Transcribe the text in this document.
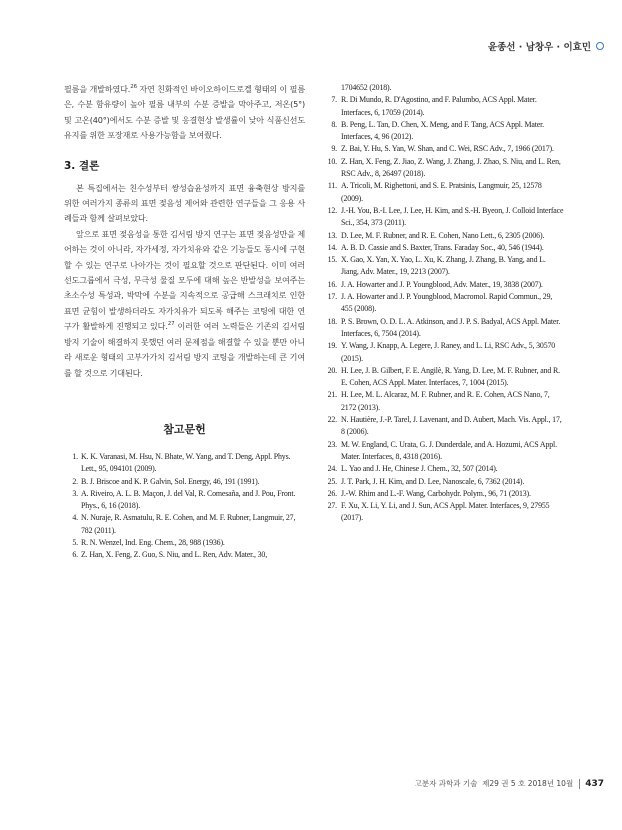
윤종선 · 남창우 · 이효민

필름을 개발하였다.$^{26}$ 자연 친화적인 바이오하이드로겔 형태의 이 필름은, 수분 함유량이 높아 필름 내부의 수분 증발을 막아주고, 저온(5°) 및 고온(40°)에서도 수분 증발 및 응결현상 발생률이 낮아 식품신선도 유지를 위한 포장재로 사용가능함을 보여줬다.

3. 결론

본 특집에서는 친수성부터 쌍성습윤성까지 표면 융축현상 방지를 위한 여러가지 종류의 표면 젖음성 제어와 관련한 연구들을 그 응용 사례들과 함께 살펴보았다.

앞으로 표면 젖음성을 통한 김서림 방지 연구는 표면 젖음성만을 제어하는 것이 아니라, 자가세정, 자가치유와 같은 기능들도 동시에 구현할 수 있는 연구로 나아가는 것이 필요할 것으로 판단된다. 이미 여러 선도그룹에서 극성, 무극성 물질 모두에 대해 높은 반발성을 보여주는 초소수성 특성과, 박막에 수분을 지속적으로 공급해 스크래치로 인한 표면 균힘이 발생하더라도 자가치유가 되도록 해주는 코팅에 대한 연구가 활발하게 진행되고 있다.$^{27}$ 이러한 여러 노력들은 기존의 김서림 방지 기술이 해결하지 못했던 여러 문제점을 해결할 수 있을 뿐만 아니라 새로운 형태의 고부가가치 김서림 방지 코팅을 개발하는데 큰 기여를 할 것으로 기대된다.

참고문헌
1. K. K. Varanasi, M. Hsu, N. Bhate, W. Yang, and T. Deng, Appl. Phys. Lett., 95, 094101 (2009).
2. B. J. Briscoe and K. P. Galvin, Sol. Energy, 46, 191 (1991).
3. A. Riveiro, A. L. B. Maçon, J. del Val, R. Comesaña, and J. Pou, Front. Phys., 6, 16 (2018).
4. N. Nuraje, R. Asmatulu, R. E. Cohen, and M. F. Rubner, Langmuir, 27, 782 (2011).
5. R. N. Wenzel, Ind. Eng. Chem., 28, 988 (1936).
6. Z. Han, X. Feng, Z. Guo, S. Niu, and L. Ren, Adv. Mater., 30,
1704652 (2018).
7. R. Di Mundo, R. D'Agostino, and F. Palumbo, ACS Appl. Mater. Interfaces, 6, 17059 (2014).
8. B. Peng, L. Tan, D. Chen, X. Meng, and F. Tang, ACS Appl. Mater. Interfaces, 4, 96 (2012).
9. Z. Bai, Y. Hu, S. Yan, W. Shan, and C. Wei, RSC Adv., 7, 1966 (2017).
10. Z. Han, X. Feng, Z. Jiao, Z. Wang, J. Zhang, J. Zhao, S. Niu, and L. Ren, RSC Adv., 8, 26497 (2018).
11. A. Tricoli, M. Righettoni, and S. E. Pratsinis, Langmuir, 25, 12578 (2009).
12. J.-H. You, B.-I. Lee, J. Lee, H. Kim, and S.-H. Byeon, J. Colloid Interface Sci., 354, 373 (2011).
13. D. Lee, M. F. Rubner, and R. E. Cohen, Nano Lett., 6, 2305 (2006).
14. A. B. D. Cassie and S. Baxter, Trans. Faraday Soc., 40, 546 (1944).
15. X. Gao, X. Yan, X. Yao, L. Xu, K. Zhang, J. Zhang, B. Yang, and L. Jiang, Adv. Mater., 19, 2213 (2007).
16. J. A. Howarter and J. P. Youngblood, Adv. Mater., 19, 3838 (2007).
17. J. A. Howarter and J. P. Youngblood, Macromol. Rapid Commun., 29, 455 (2008).
18. P. S. Brown, O. D. L. A. Atkinson, and J. P. S. Badyal, ACS Appl. Mater. Interfaces, 6, 7504 (2014).
19. Y. Wang, J. Knapp, A. Legere, J. Raney, and L. Li, RSC Adv., 5, 30570 (2015).
20. H. Lee, J. B. Gilbert, F. E. Angilè, R. Yang, D. Lee, M. F. Rubner, and R. E. Cohen, ACS Appl. Mater. Interfaces, 7, 1004 (2015).
21. H. Lee, M. L. Alcaraz, M. F. Rubner, and R. E. Cohen, ACS Nano, 7, 2172 (2013).
22. N. Hautière, J.-P. Tarel, J. Lavenant, and D. Aubert, Mach. Vis. Appl., 17, 8 (2006).
23. M. W. England, C. Urata, G. J. Dunderdale, and A. Hozumi, ACS Appl. Mater. Interfaces, 8, 4318 (2016).
24. L. Yao and J. He, Chinese J. Chem., 32, 507 (2014).
25. J. T. Park, J. H. Kim, and D. Lee, Nanoscale, 6, 7362 (2014).
26. J.-W. Rhim and L.-F. Wang, Carbohydr. Polym., 96, 71 (2013).
27. F. Xu, X. Li, Y. Li, and J. Sun, ACS Appl. Mater. Interfaces, 9, 27955 (2017).
고분자 과학과 기술
제29 권 5 호 2018년 10월 437
